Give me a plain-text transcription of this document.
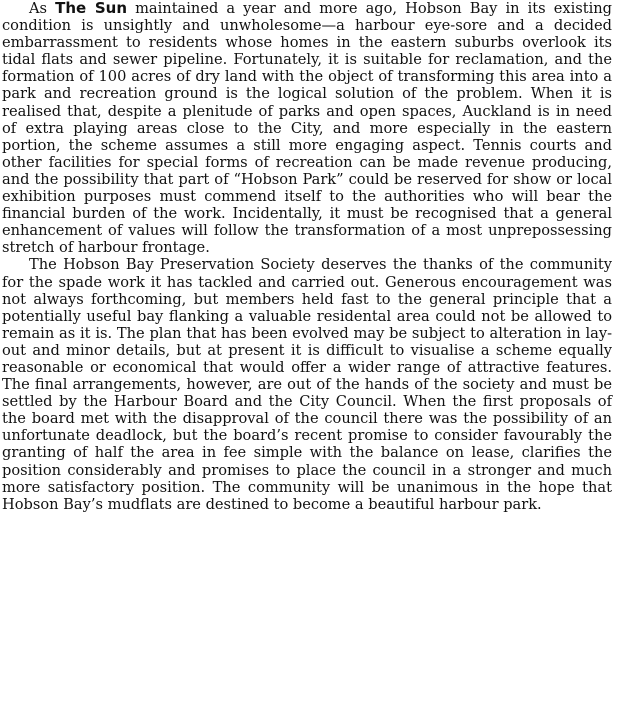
As The Sun maintained a year and more ago, Hobson Bay in its existing condition is unsightly and unwholesome—a harbour eye-sore and a decided embarrassment to residents whose homes in the eastern suburbs overlook its tidal flats and sewer pipeline. Fortunately, it is suitable for reclamation, and the formation of 100 acres of dry land with the object of transforming this area into a park and recreation ground is the logical solution of the problem. When it is realised that, despite a plenitude of parks and open spaces, Auckland is in need of extra playing areas close to the City, and more especially in the eastern portion, the scheme assumes a still more engaging aspect. Tennis courts and other facilities for special forms of recreation can be made revenue producing, and the possibility that part of “Hobson Park” could be reserved for show or local exhibition purposes must commend itself to the authorities who will bear the financial burden of the work. Incidentally, it must be recognised that a general enhancement of values will follow the transformation of a most unprepossessing stretch of harbour frontage.

The Hobson Bay Preservation Society deserves the thanks of the community for the spade work it has tackled and carried out. Generous encouragement was not always forthcoming, but members held fast to the general principle that a potentially useful bay flanking a valuable residental area could not be allowed to remain as it is. The plan that has been evolved may be subject to alteration in lay-out and minor details, but at present it is difficult to visualise a scheme equally reasonable or economical that would offer a wider range of attractive features. The final arrangements, however, are out of the hands of the society and must be settled by the Harbour Board and the City Council. When the first proposals of the board met with the disapproval of the council there was the possibility of an unfortunate deadlock, but the board’s recent promise to consider favourably the granting of half the area in fee simple with the balance on lease, clarifies the position considerably and promises to place the council in a stronger and much more satisfactory position. The community will be unanimous in the hope that Hobson Bay’s mudflats are destined to become a beautiful harbour park.
